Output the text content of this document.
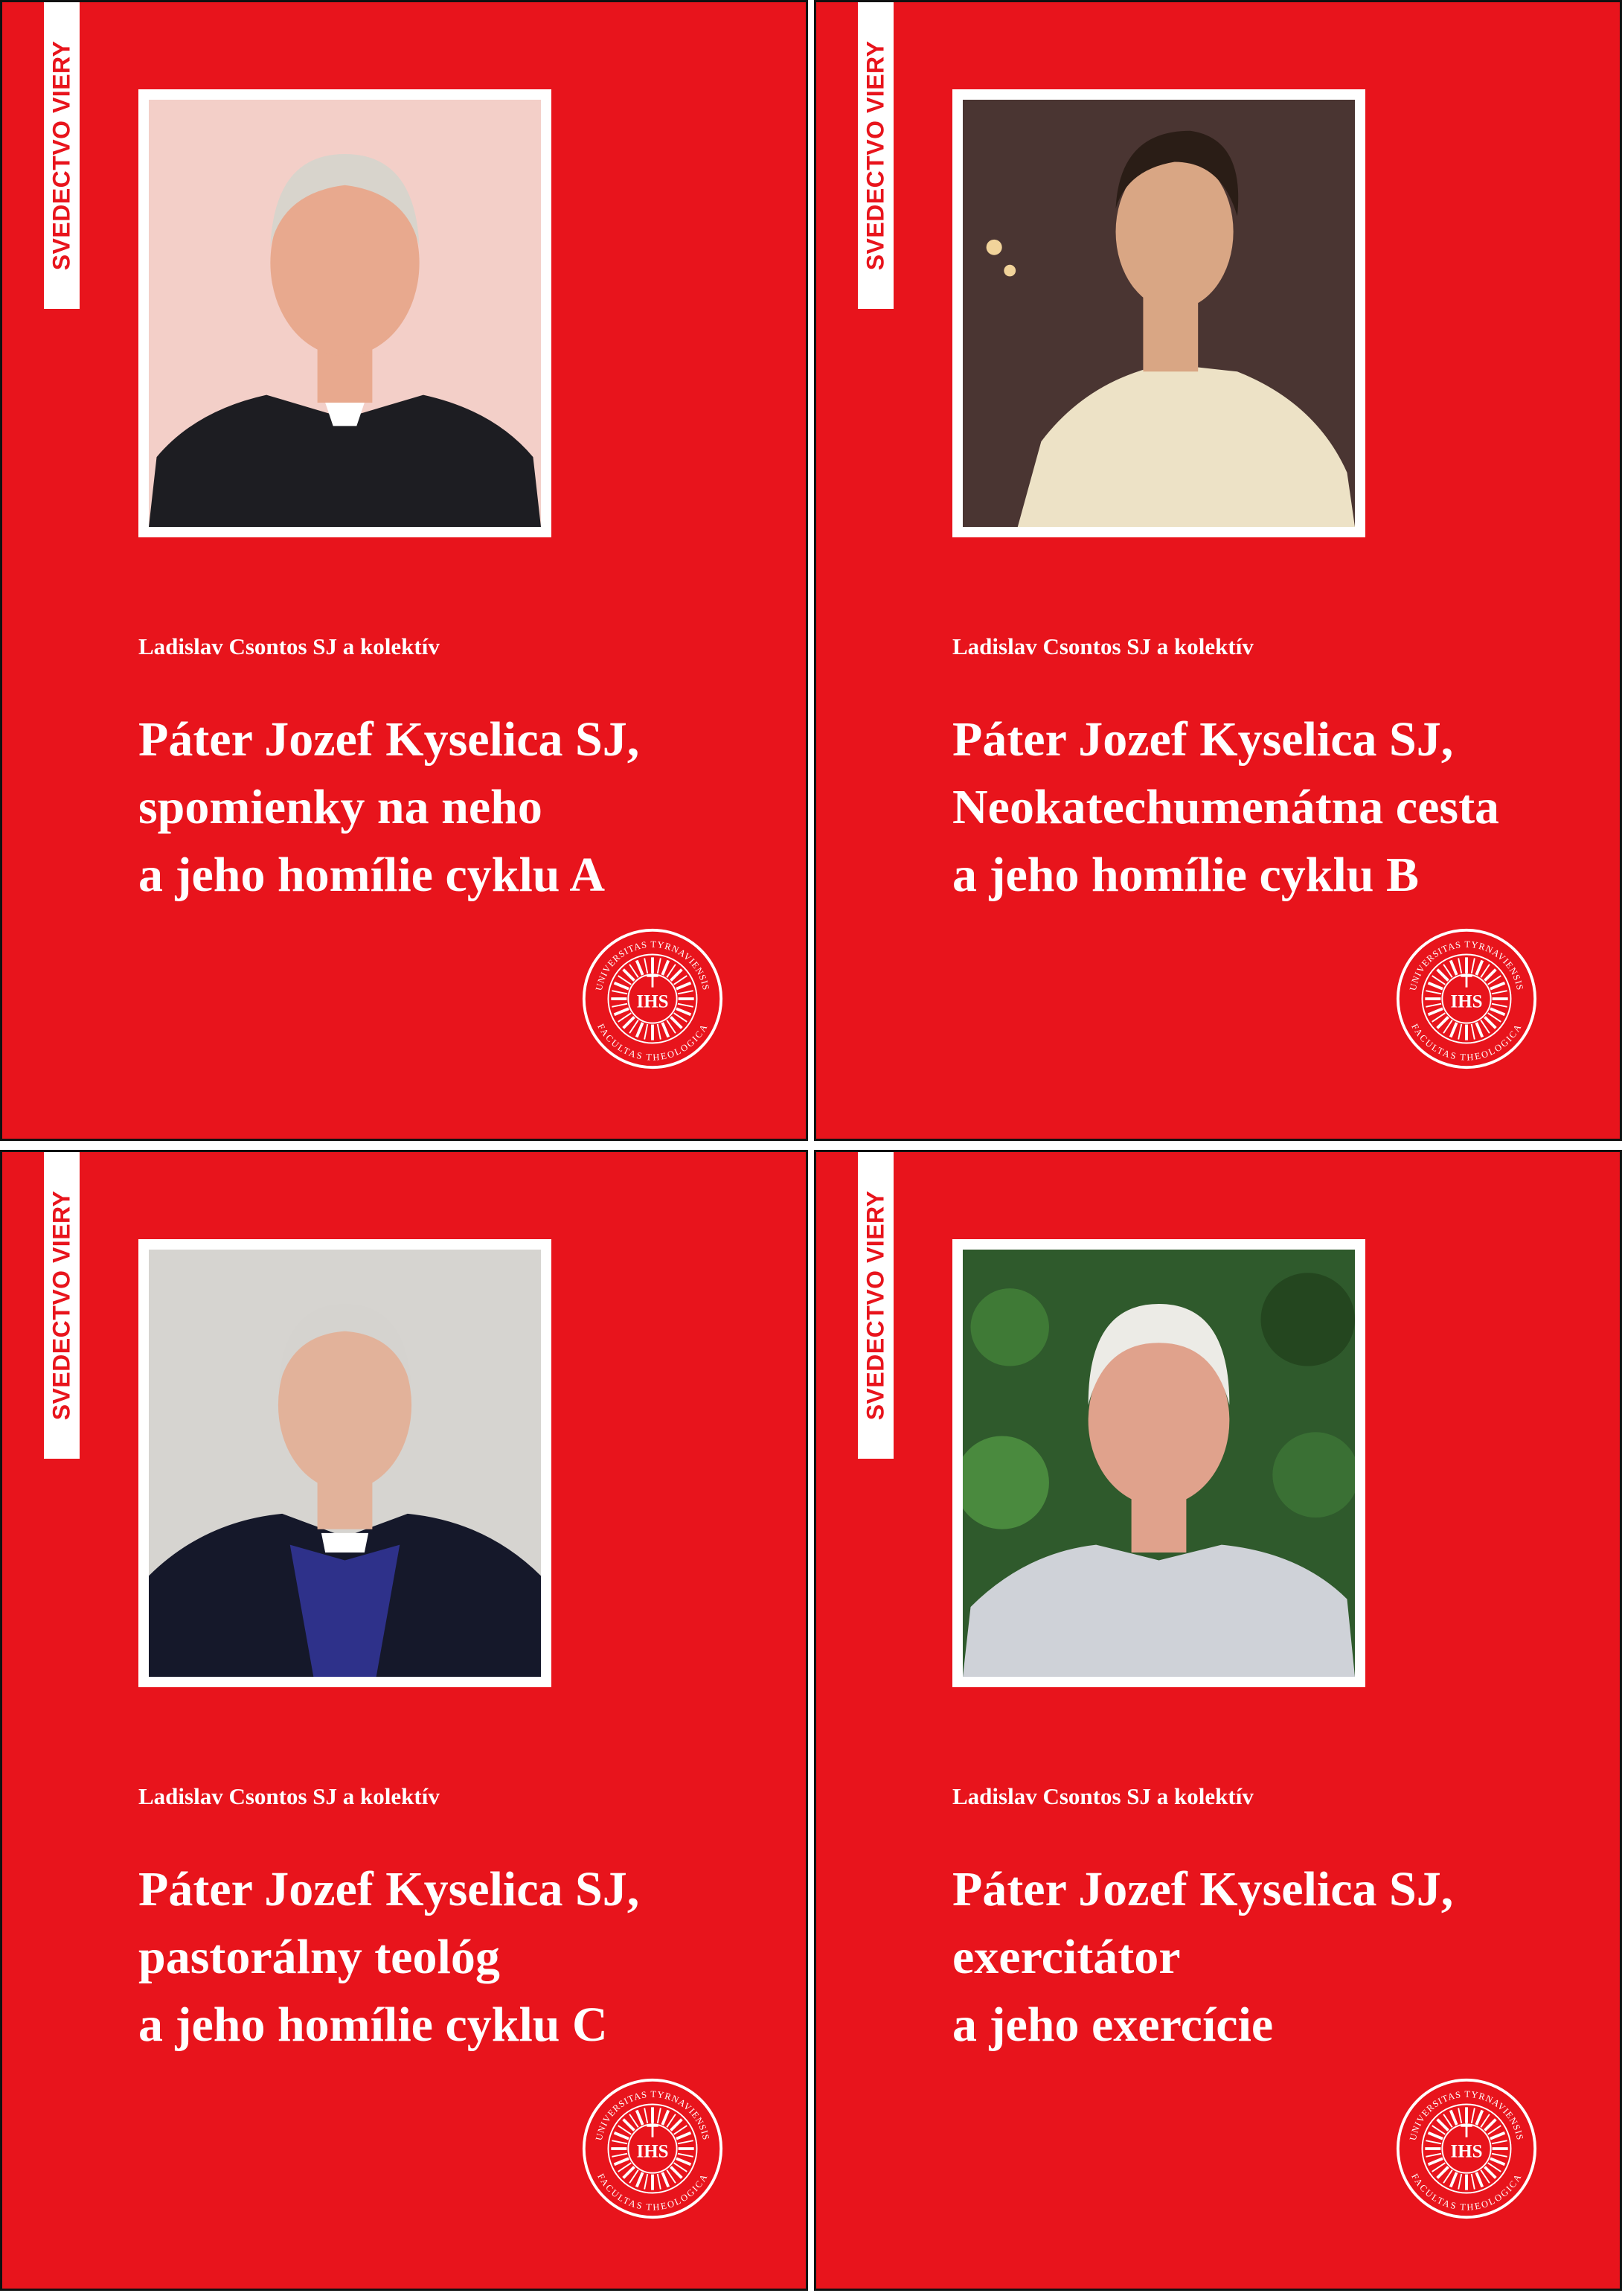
SVEDECTVO VIERY
Ladislav Csontos SJ a kolektív
Páter Jozef Kyselica SJ,
spomienky na neho
a jeho homílie cyklu A
IHS
UNIVERSITAS TYRNAVIENSIS
FACULTAS THEOLOGICA
SVEDECTVO VIERY
Ladislav Csontos SJ a kolektív
Páter Jozef Kyselica SJ,
Neokatechumenátna cesta
a jeho homílie cyklu B
IHS
UNIVERSITAS TYRNAVIENSIS
FACULTAS THEOLOGICA
SVEDECTVO VIERY
Ladislav Csontos SJ a kolektív
Páter Jozef Kyselica SJ,
pastorálny teológ
a jeho homílie cyklu C
IHS
UNIVERSITAS TYRNAVIENSIS
FACULTAS THEOLOGICA
SVEDECTVO VIERY
Ladislav Csontos SJ a kolektív
Páter Jozef Kyselica SJ,
exercitátor
a jeho exercície
IHS
UNIVERSITAS TYRNAVIENSIS
FACULTAS THEOLOGICA
